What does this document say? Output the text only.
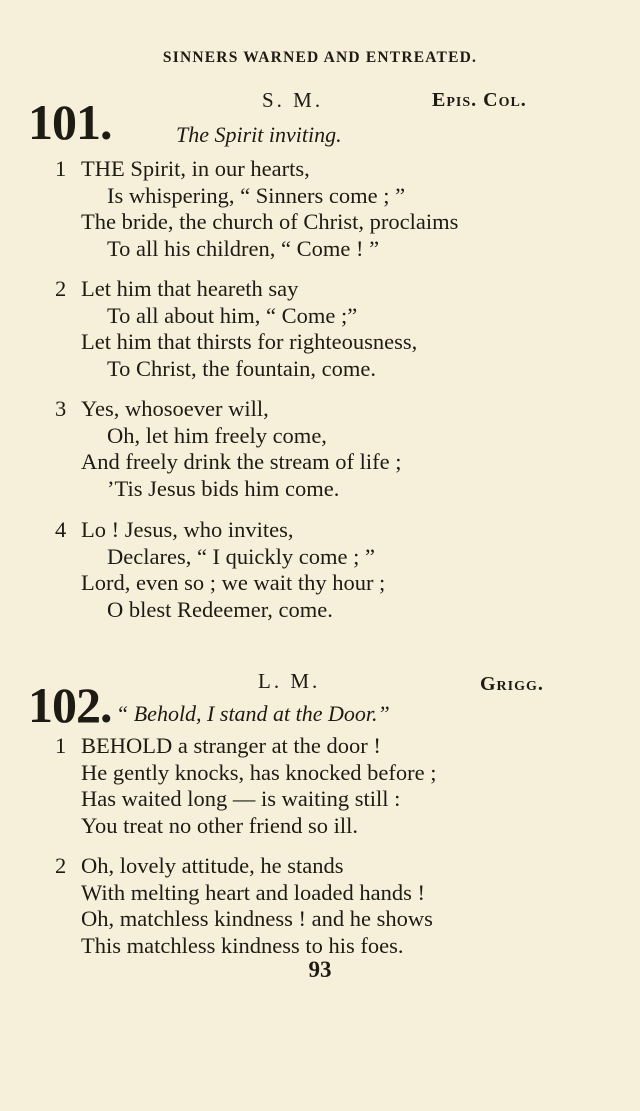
SINNERS WARNED AND ENTREATED.
101.	S. M.	Epis. Col.
The Spirit inviting.
1 THE Spirit, in our hearts,
Is whispering, “ Sinners come ; ”
The bride, the church of Christ, proclaims
To all his children, “ Come ! ”
2 Let him that heareth say
To all about him, “ Come ;”
Let him that thirsts for righteousness,
To Christ, the fountain, come.
3 Yes, whosoever will,
Oh, let him freely come,
And freely drink the stream of life ;
’Tis Jesus bids him come.
4 Lo ! Jesus, who invites,
Declares, “ I quickly come ; ”
Lord, even so ; we wait thy hour ;
O blest Redeemer, come.
102.	L. M.	Grigg.
“ Behold, I stand at the Door.”
1 BEHOLD a stranger at the door !
He gently knocks, has knocked before ;
Has waited long — is waiting still :
You treat no other friend so ill.
2 Oh, lovely attitude, he stands
With melting heart and loaded hands !
Oh, matchless kindness ! and he shows
This matchless kindness to his foes.
93
